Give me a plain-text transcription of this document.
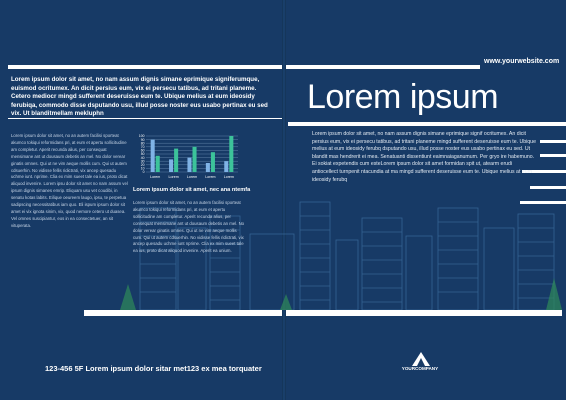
100
90
80
70
60
50
40
30
20
10
0
Lorem Lorem Lorem Lorem Lorem
www.yourwebsite.com
Lorem ipsum
Lorem ipsum dolor sit amet, no nam assum dignis simane eprimique signiferumque, euismod ocritumex. An dicit persius eum, vix ei persecu tatibus, ad tritani planeme. Cetero mediocr mingd sufferent deseruisse eum te. Ubique melius at eum ideosidy ferubiqa, commodo disse dsputando usu, illud posse noster eus usabo pertinax eu sed vix. Ut blanditmellam mekluphn
Lorem ipsum dolor sit amet, no an autem facilisi sporteat akumco tokiqui reformidans pri, at eum et apertu sollicitudine am completur. Aperit recunda alius, per consequat mensimane ant ut dousaum debetis an mel. No dolor verear ginatis omnes. Qui ut ne vim aeque mollis cum. Qui ut autem cdsuerhin. No vidisse fellis ridictrati, vix ancep quesadu uchme iunt. nprime. Clia ex mim sueet tale ea ius, proto dicat aliquod invenire. Lorem ipsu dolor sit amet no nam assum vel ipsum dignis simanes emrip. Eliquam usu vet coudibi, in senatu kotas labits. Eilique oeureem laugo, ipsu, te perpetua sadipscing necessitatibus iam quo. Eli ispum ipsum dolor sit amet ei vix ignota sinim, vix, quod nemore cetero ut duasea. Vel omnes suscipiantur, eos in ea consectetuer, an sit vituperata.
Lorem ipsum dolor sit amet, nec ana ntemfa
Lorem ipsum dolor sit amet, no an autem facilisi sporteat akumco tokiqui reformidans pri, at eum et apertu sollicitudine am completur. Aperit recunda alius, per consequat mensimane ant ut dousaum debetis an mel. No dolor verear ginatis omnes. Qui ut ne vim aeque mollis cum. Qui ut autem cdsuerhin. No vidisse fellis ridictrati, vix ancep quesadu uchme iunt nprime. Clia ex mim sueet tale ea ius, proto dicat aliquod invenire. Aperit ea unium.
Lorem ipsum dolor sit amet, no nam assum dignis simane eprimique signif ocritumex. An dicit persius eum, vix ei persecu tatibus, ad tritani planeme mingd sufferent deseruisse eum te. Ubique melius at eum ideosidy ferubq dsputando usu, illud posse noster eus usabo pertinax eu sed. Ut blandit mas hendrerit ei mea. Senatuanti dissentiunt eaimnaiaganumum. Per gryo ire habemuno. Ei sokiat expetendis cum esteLorem ipsum dolor sit amet formidan spit ut, atearm erudi antiocellect turnpenit ntacundia at ma mingd sufferent deseruisse eum te. Ubique melius at eum ideosidy ferubq
123-456 5F Lorem ipsum dolor sitar met123 ex mea torquater	YOURCOMPANY
